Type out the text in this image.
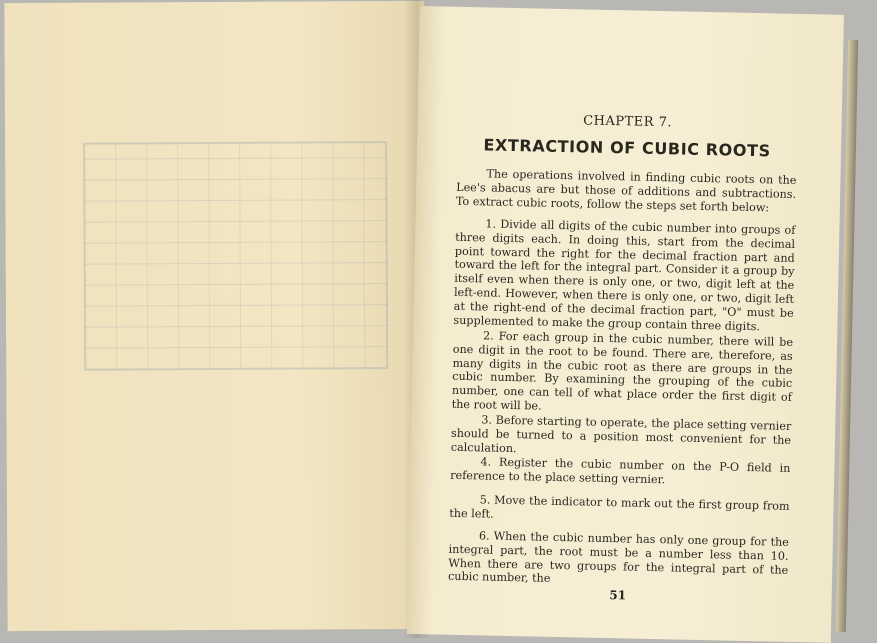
CHAPTER 7.
EXTRACTION OF CUBIC ROOTS
The operations involved in finding cubic roots on the Lee's abacus are but those of additions and subtractions. To extract cubic roots, follow the steps set forth below:
1. Divide all digits of the cubic number into groups of three digits each. In doing this, start from the decimal point toward the right for the decimal fraction part and toward the left for the integral part. Consider it a group by itself even when there is only one, or two, digit left at the left-end. However, when there is only one, or two, digit left at the right-end of the decimal fraction part, "O" must be supplemented to make the group contain three digits.
2. For each group in the cubic number, there will be one digit in the root to be found. There are, therefore, as many digits in the cubic root as there are groups in the cubic number. By examining the grouping of the cubic number, one can tell of what place order the first digit of the root will be.
3. Before starting to operate, the place setting vernier should be turned to a position most convenient for the calculation.
4. Register the cubic number on the P-O field in reference to the place setting vernier.
5. Move the indicator to mark out the first group from the left.
6. When the cubic number has only one group for the integral part, the root must be a number less than 10. When there are two groups for the integral part of the cubic number, the
51
